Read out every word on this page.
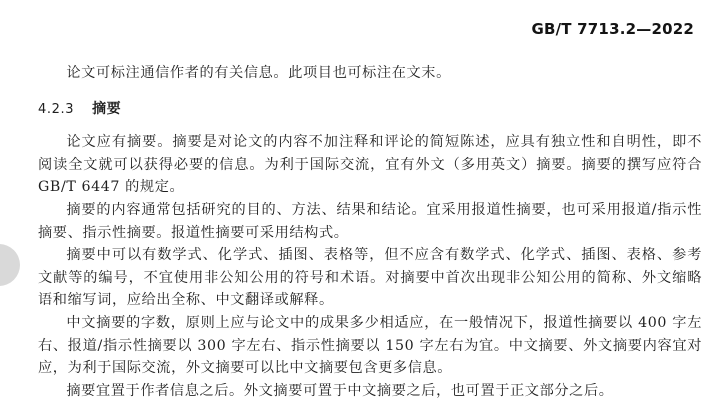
GB/T 7713.2—2022

论文可标注通信作者的有关信息。此项目也可标注在文末。

4.2.3 摘要

论文应有摘要。摘要是对论文的内容不加注释和评论的简短陈述，应具有独立性和自明性，即不阅读全文就可以获得必要的信息。为利于国际交流，宜有外文（多用英文）摘要。摘要的撰写应符合 GB/T 6447 的规定。

摘要的内容通常包括研究的目的、方法、结果和结论。宜采用报道性摘要，也可采用报道/指示性摘要、指示性摘要。报道性摘要可采用结构式。

摘要中可以有数学式、化学式、插图、表格等，但不应含有数学式、化学式、插图、表格、参考文献等的编号，不宜使用非公知公用的符号和术语。对摘要中首次出现非公知公用的简称、外文缩略语和缩写词，应给出全称、中文翻译或解释。

中文摘要的字数，原则上应与论文中的成果多少相适应，在一般情况下，报道性摘要以 400 字左右、报道/指示性摘要以 300 字左右、指示性摘要以 150 字左右为宜。中文摘要、外文摘要内容宜对应，为利于国际交流，外文摘要可以比中文摘要包含更多信息。

摘要宜置于作者信息之后。外文摘要可置于中文摘要之后，也可置于正文部分之后。
